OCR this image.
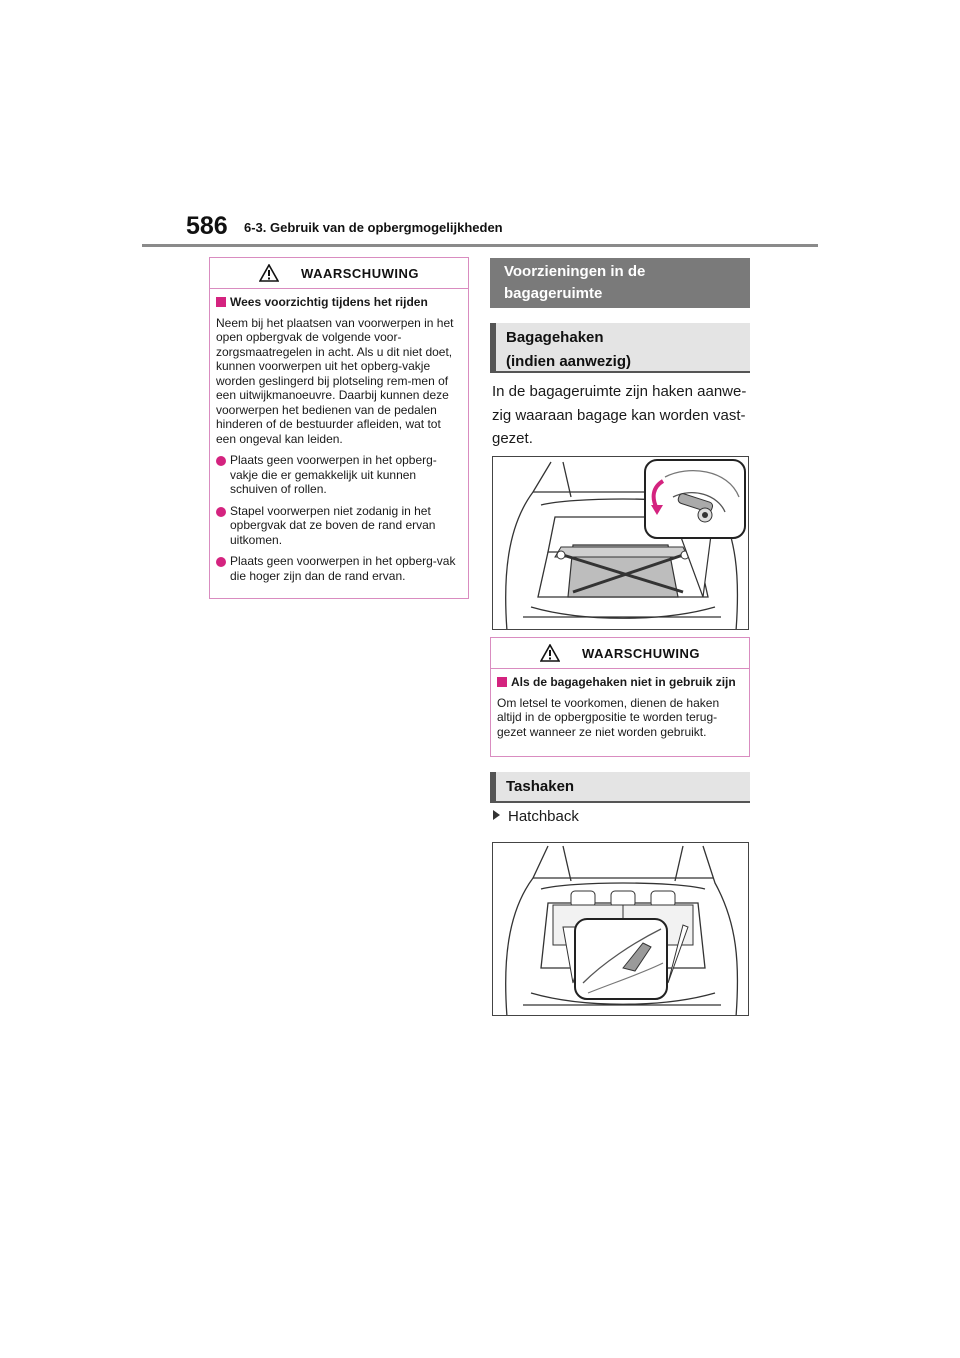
586 6-3. Gebruik van de opbergmogelijkheden
WAARSCHUWING
Wees voorzichtig tijdens het rijden

Neem bij het plaatsen van voorwerpen in het open opbergvak de volgende voor-zorgsmaatregelen in acht. Als u dit niet doet, kunnen voorwerpen uit het opberg-vakje worden geslingerd bij plotseling rem-men of een uitwijkmanoeuvre. Daarbij kunnen deze voorwerpen het bedienen van de pedalen hinderen of de bestuurder afleiden, wat tot een ongeval kan leiden.

Plaats geen voorwerpen in het opberg-vakje die er gemakkelijk uit kunnen schuiven of rollen.
Stapel voorwerpen niet zodanig in het opbergvak dat ze boven de rand ervan uitkomen.
Plaats geen voorwerpen in het opberg-vak die hoger zijn dan de rand ervan.
Voorzieningen in de
bagageruimte
Bagagehaken
(indien aanwezig)
In de bagageruimte zijn haken aanwe-zig waaraan bagage kan worden vast-gezet.
WAARSCHUWING
Als de bagagehaken niet in gebruik zijn

Om letsel te voorkomen, dienen de haken altijd in de opbergpositie te worden terug-gezet wanneer ze niet worden gebruikt.

Tashaken
Hatchback
